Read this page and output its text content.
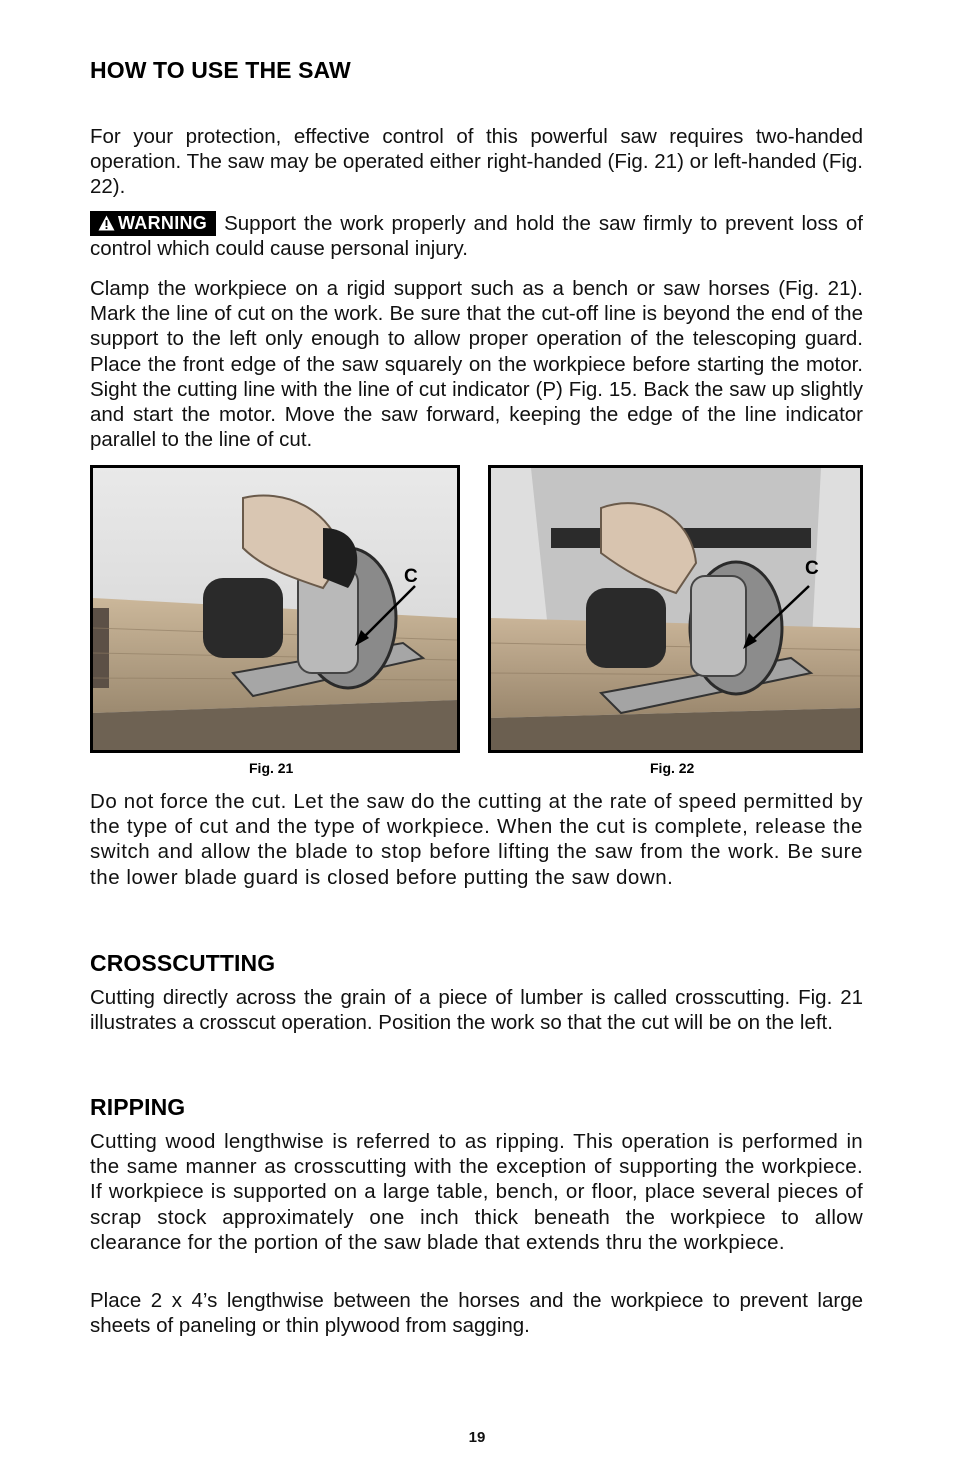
HOW TO USE THE SAW

For your protection, effective control of this powerful saw requires two-handed operation. The saw may be operated either right-handed (Fig. 21) or left-handed (Fig. 22).

WARNING Support the work properly and hold the saw firmly to prevent loss of control which could cause personal injury.

Clamp the workpiece on a rigid support such as a bench or saw horses (Fig. 21). Mark the line of cut on the work. Be sure that the cut-off line is beyond the end of the support to the left only enough to allow proper operation of the telescoping guard. Place the front edge of the saw squarely on the workpiece before starting the motor. Sight the cutting line with the line of cut indicator (P) Fig. 15. Back the saw up slightly and start the motor. Move the saw forward, keeping the edge of the line indicator parallel to the line of cut.

C
Fig. 21
C
Fig. 22

Do not force the cut. Let the saw do the cutting at the rate of speed permitted by the type of cut and the type of workpiece. When the cut is complete, release the switch and allow the blade to stop before lifting the saw from the work. Be sure the lower blade guard is closed before putting the saw down.

CROSSCUTTING

Cutting directly across the grain of a piece of lumber is called crosscutting. Fig. 21 illustrates a crosscut operation. Position the work so that the cut will be on the left.

RIPPING

Cutting wood lengthwise is referred to as ripping. This operation is performed in the same manner as crosscutting with the exception of supporting the workpiece. If workpiece is supported on a large table, bench, or floor, place several pieces of scrap stock approximately one inch thick beneath the workpiece to allow clearance for the portion of the saw blade that extends thru the workpiece.

Place 2 x 4’s lengthwise between the horses and the workpiece to prevent large sheets of paneling or thin plywood from sagging.

19
